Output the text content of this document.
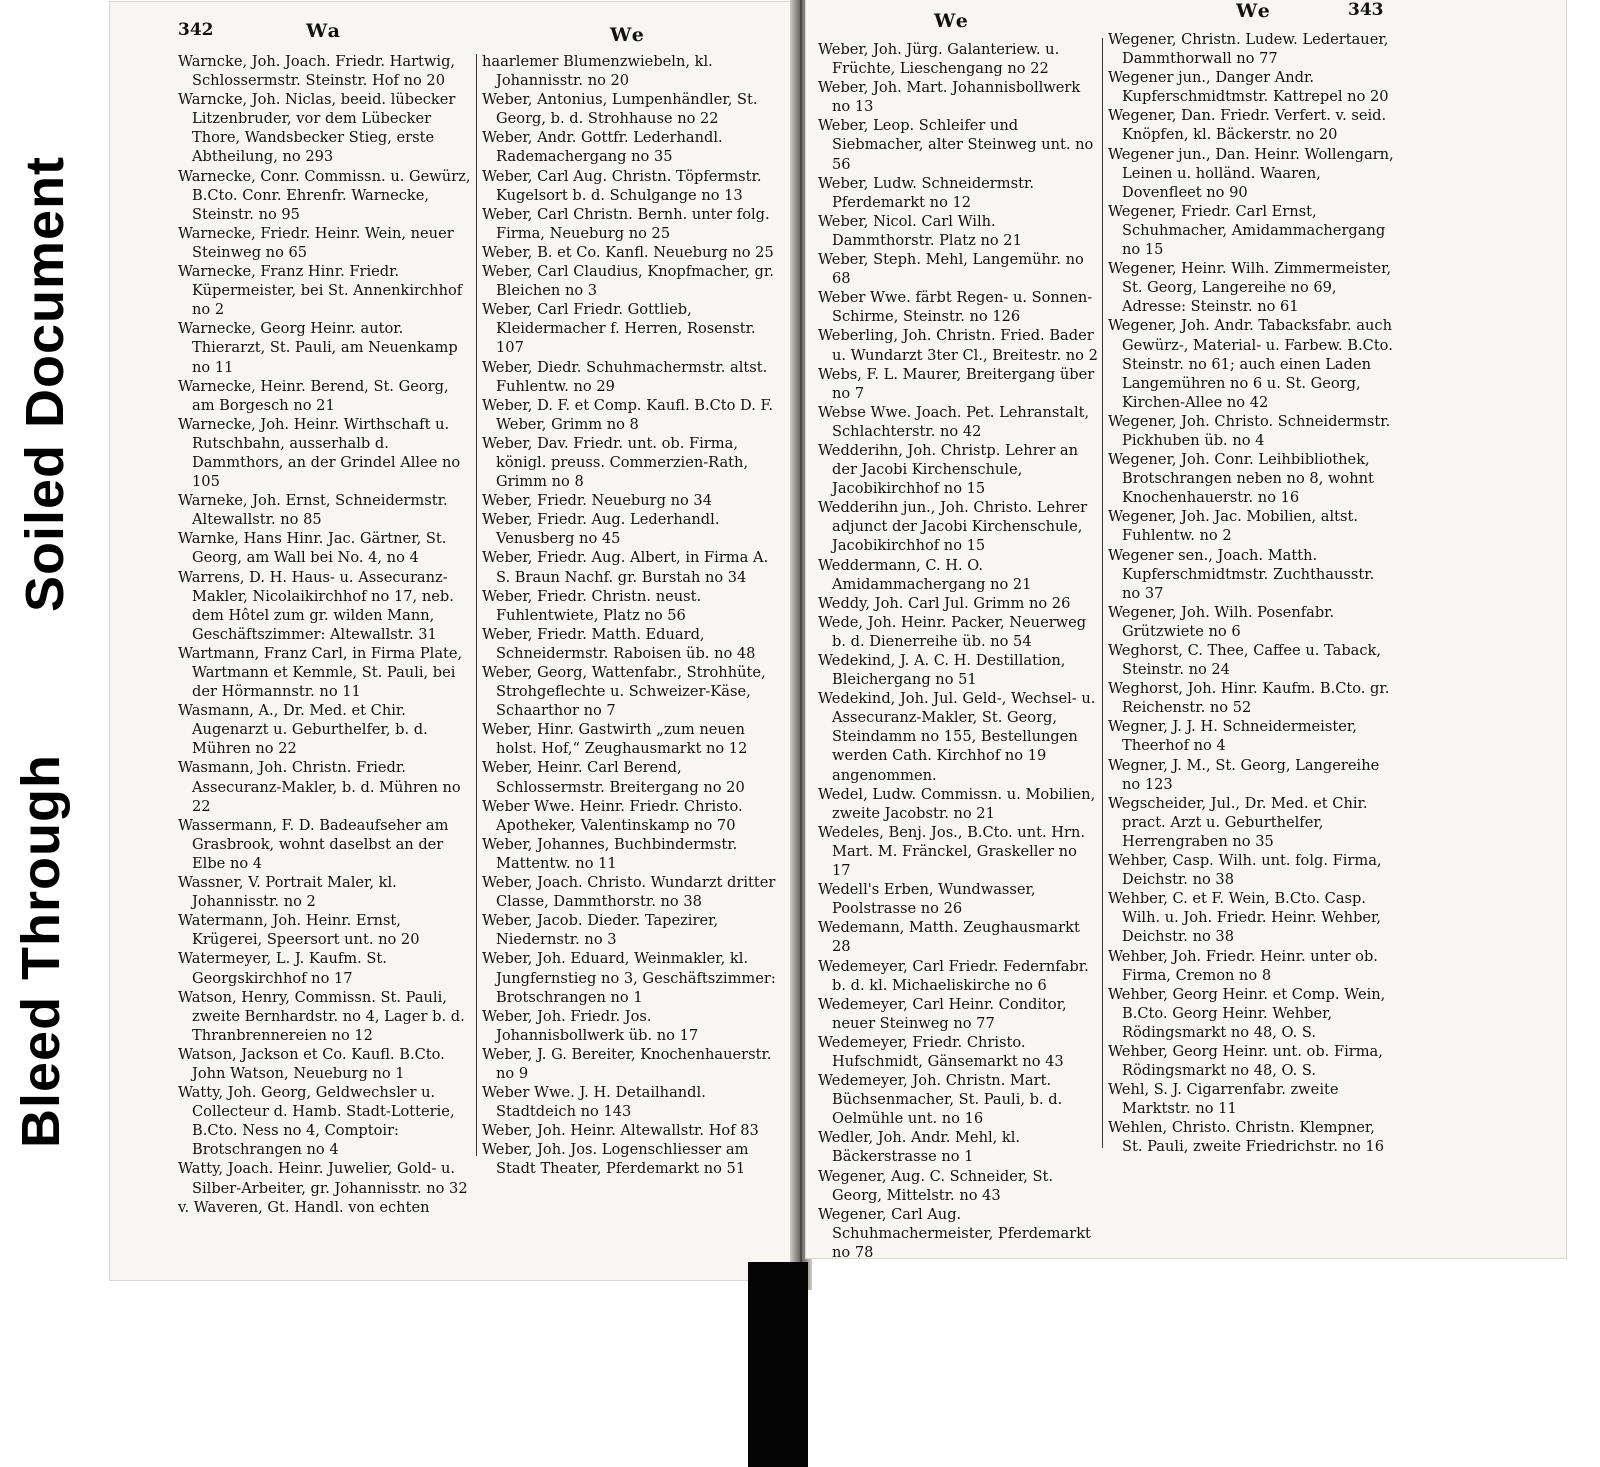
Soiled Document
Bleed Through
342	Wa	We
Warncke, Joh. Joach. Friedr. Hartwig, Schlossermstr. Steinstr. Hof no 20
Warncke, Joh. Niclas, beeid. lübecker Litzenbruder, vor dem Lübecker Thore, Wandsbecker Stieg, erste Abtheilung, no 293
Warnecke, Conr. Commissn. u. Gewürz, B.Cto. Conr. Ehrenfr. Warnecke, Steinstr. no 95
Warnecke, Friedr. Heinr. Wein, neuer Steinweg no 65
Warnecke, Franz Hinr. Friedr. Küpermeister, bei St. Annenkirchhof no 2
Warnecke, Georg Heinr. autor. Thierarzt, St. Pauli, am Neuenkamp no 11
Warnecke, Heinr. Berend, St. Georg, am Borgesch no 21
Warnecke, Joh. Heinr. Wirthschaft u. Rutschbahn, ausserhalb d. Dammthors, an der Grindel Allee no 105
Warneke, Joh. Ernst, Schneidermstr. Altewallstr. no 85
Warnke, Hans Hinr. Jac. Gärtner, St. Georg, am Wall bei No. 4, no 4
Warrens, D. H. Haus- u. Assecuranz-Makler, Nicolaikirchhof no 17, neb. dem Hôtel zum gr. wilden Mann, Geschäftszimmer: Altewallstr. 31
Wartmann, Franz Carl, in Firma Plate, Wartmann et Kemmle, St. Pauli, bei der Hörmannstr. no 11
Wasmann, A., Dr. Med. et Chir. Augenarzt u. Geburthelfer, b. d. Mühren no 22
Wasmann, Joh. Christn. Friedr. Assecuranz-Makler, b. d. Mühren no 22
Wassermann, F. D. Badeaufseher am Grasbrook, wohnt daselbst an der Elbe no 4
Wassner, V. Portrait Maler, kl. Johannisstr. no 2
Watermann, Joh. Heinr. Ernst, Krügerei, Speersort unt. no 20
Watermeyer, L. J. Kaufm. St. Georgskirchhof no 17
Watson, Henry, Commissn. St. Pauli, zweite Bernhardstr. no 4, Lager b. d. Thranbrennereien no 12
Watson, Jackson et Co. Kaufl. B.Cto. John Watson, Neueburg no 1
Watty, Joh. Georg, Geldwechsler u. Collecteur d. Hamb. Stadt-Lotterie, B.Cto. Ness no 4, Comptoir: Brotschrangen no 4
Watty, Joach. Heinr. Juwelier, Gold- u. Silber-Arbeiter, gr. Johannisstr. no 32
v. Waveren, Gt. Handl. von echten
haarlemer Blumenzwiebeln, kl. Johannisstr. no 20
Weber, Antonius, Lumpenhändler, St. Georg, b. d. Strohhause no 22
Weber, Andr. Gottfr. Lederhandl. Rademachergang no 35
Weber, Carl Aug. Christn. Töpfermstr. Kugelsort b. d. Schulgange no 13
Weber, Carl Christn. Bernh. unter folg. Firma, Neueburg no 25
Weber, B. et Co. Kanfl. Neueburg no 25
Weber, Carl Claudius, Knopfmacher, gr. Bleichen no 3
Weber, Carl Friedr. Gottlieb, Kleidermacher f. Herren, Rosenstr. 107
Weber, Diedr. Schuhmachermstr. altst. Fuhlentw. no 29
Weber, D. F. et Comp. Kaufl. B.Cto D. F. Weber, Grimm no 8
Weber, Dav. Friedr. unt. ob. Firma, königl. preuss. Commerzien-Rath, Grimm no 8
Weber, Friedr. Neueburg no 34
Weber, Friedr. Aug. Lederhandl. Venusberg no 45
Weber, Friedr. Aug. Albert, in Firma A. S. Braun Nachf. gr. Burstah no 34
Weber, Friedr. Christn. neust. Fuhlentwiete, Platz no 56
Weber, Friedr. Matth. Eduard, Schneidermstr. Raboisen üb. no 48
Weber, Georg, Wattenfabr., Strohhüte, Strohgeflechte u. Schweizer-Käse, Schaarthor no 7
Weber, Hinr. Gastwirth „zum neuen holst. Hof,“ Zeughausmarkt no 12
Weber, Heinr. Carl Berend, Schlossermstr. Breitergang no 20
Weber Wwe. Heinr. Friedr. Christo. Apotheker, Valentinskamp no 70
Weber, Johannes, Buchbindermstr. Mattentw. no 11
Weber, Joach. Christo. Wundarzt dritter Classe, Dammthorstr. no 38
Weber, Jacob. Dieder. Tapezirer, Niedernstr. no 3
Weber, Joh. Eduard, Weinmakler, kl. Jungfernstieg no 3, Geschäftszimmer: Brotschrangen no 1
Weber, Joh. Friedr. Jos. Johannisbollwerk üb. no 17
Weber, J. G. Bereiter, Knochenhauerstr. no 9
Weber Wwe. J. H. Detailhandl. Stadtdeich no 143
Weber, Joh. Heinr. Altewallstr. Hof 83
Weber, Joh. Jos. Logenschliesser am Stadt Theater, Pferdemarkt no 51
We	We	343
Weber, Joh. Jürg. Galanteriew. u. Früchte, Lieschengang no 22
Weber, Joh. Mart. Johannisbollwerk no 13
Weber, Leop. Schleifer und Siebmacher, alter Steinweg unt. no 56
Weber, Ludw. Schneidermstr. Pferdemarkt no 12
Weber, Nicol. Carl Wilh. Dammthorstr. Platz no 21
Weber, Steph. Mehl, Langemühr. no 68
Weber Wwe. färbt Regen- u. Sonnen-Schirme, Steinstr. no 126
Weberling, Joh. Christn. Fried. Bader u. Wundarzt 3ter Cl., Breitestr. no 2
Webs, F. L. Maurer, Breitergang über no 7
Webse Wwe. Joach. Pet. Lehranstalt, Schlachterstr. no 42
Wedderihn, Joh. Christp. Lehrer an der Jacobi Kirchenschule, Jacobikirchhof no 15
Wedderihn jun., Joh. Christo. Lehrer adjunct der Jacobi Kirchenschule, Jacobikirchhof no 15
Weddermann, C. H. O. Amidammachergang no 21
Weddy, Joh. Carl Jul. Grimm no 26
Wede, Joh. Heinr. Packer, Neuerweg b. d. Dienerreihe üb. no 54
Wedekind, J. A. C. H. Destillation, Bleichergang no 51
Wedekind, Joh. Jul. Geld-, Wechsel- u. Assecuranz-Makler, St. Georg, Steindamm no 155, Bestellungen werden Cath. Kirchhof no 19 angenommen.
Wedel, Ludw. Commissn. u. Mobilien, zweite Jacobstr. no 21
Wedeles, Benj. Jos., B.Cto. unt. Hrn. Mart. M. Fränckel, Graskeller no 17
Wedell's Erben, Wundwasser, Poolstrasse no 26
Wedemann, Matth. Zeughausmarkt 28
Wedemeyer, Carl Friedr. Federnfabr. b. d. kl. Michaeliskirche no 6
Wedemeyer, Carl Heinr. Conditor, neuer Steinweg no 77
Wedemeyer, Friedr. Christo. Hufschmidt, Gänsemarkt no 43
Wedemeyer, Joh. Christn. Mart. Büchsenmacher, St. Pauli, b. d. Oelmühle unt. no 16
Wedler, Joh. Andr. Mehl, kl. Bäckerstrasse no 1
Wegener, Aug. C. Schneider, St. Georg, Mittelstr. no 43
Wegener, Carl Aug. Schuhmachermeister, Pferdemarkt no 78
Wegener, Christn. Ludew. Ledertauer, Dammthorwall no 77
Wegener jun., Danger Andr. Kupferschmidtmstr. Kattrepel no 20
Wegener, Dan. Friedr. Verfert. v. seid. Knöpfen, kl. Bäckerstr. no 20
Wegener jun., Dan. Heinr. Wollengarn, Leinen u. holländ. Waaren, Dovenfleet no 90
Wegener, Friedr. Carl Ernst, Schuhmacher, Amidammachergang no 15
Wegener, Heinr. Wilh. Zimmermeister, St. Georg, Langereihe no 69, Adresse: Steinstr. no 61
Wegener, Joh. Andr. Tabacksfabr. auch Gewürz-, Material- u. Farbew. B.Cto. Steinstr. no 61; auch einen Laden Langemühren no 6 u. St. Georg, Kirchen-Allee no 42
Wegener, Joh. Christo. Schneidermstr. Pickhuben üb. no 4
Wegener, Joh. Conr. Leihbibliothek, Brotschrangen neben no 8, wohnt Knochenhauerstr. no 16
Wegener, Joh. Jac. Mobilien, altst. Fuhlentw. no 2
Wegener sen., Joach. Matth. Kupferschmidtmstr. Zuchthausstr. no 37
Wegener, Joh. Wilh. Posenfabr. Grützwiete no 6
Weghorst, C. Thee, Caffee u. Taback, Steinstr. no 24
Weghorst, Joh. Hinr. Kaufm. B.Cto. gr. Reichenstr. no 52
Wegner, J. J. H. Schneidermeister, Theerhof no 4
Wegner, J. M., St. Georg, Langereihe no 123
Wegscheider, Jul., Dr. Med. et Chir. pract. Arzt u. Geburthelfer, Herrengraben no 35
Wehber, Casp. Wilh. unt. folg. Firma, Deichstr. no 38
Wehber, C. et F. Wein, B.Cto. Casp. Wilh. u. Joh. Friedr. Heinr. Wehber, Deichstr. no 38
Wehber, Joh. Friedr. Heinr. unter ob. Firma, Cremon no 8
Wehber, Georg Heinr. et Comp. Wein, B.Cto. Georg Heinr. Wehber, Rödingsmarkt no 48, O. S.
Wehber, Georg Heinr. unt. ob. Firma, Rödingsmarkt no 48, O. S.
Wehl, S. J. Cigarrenfabr. zweite Marktstr. no 11
Wehlen, Christo. Christn. Klempner, St. Pauli, zweite Friedrichstr. no 16
